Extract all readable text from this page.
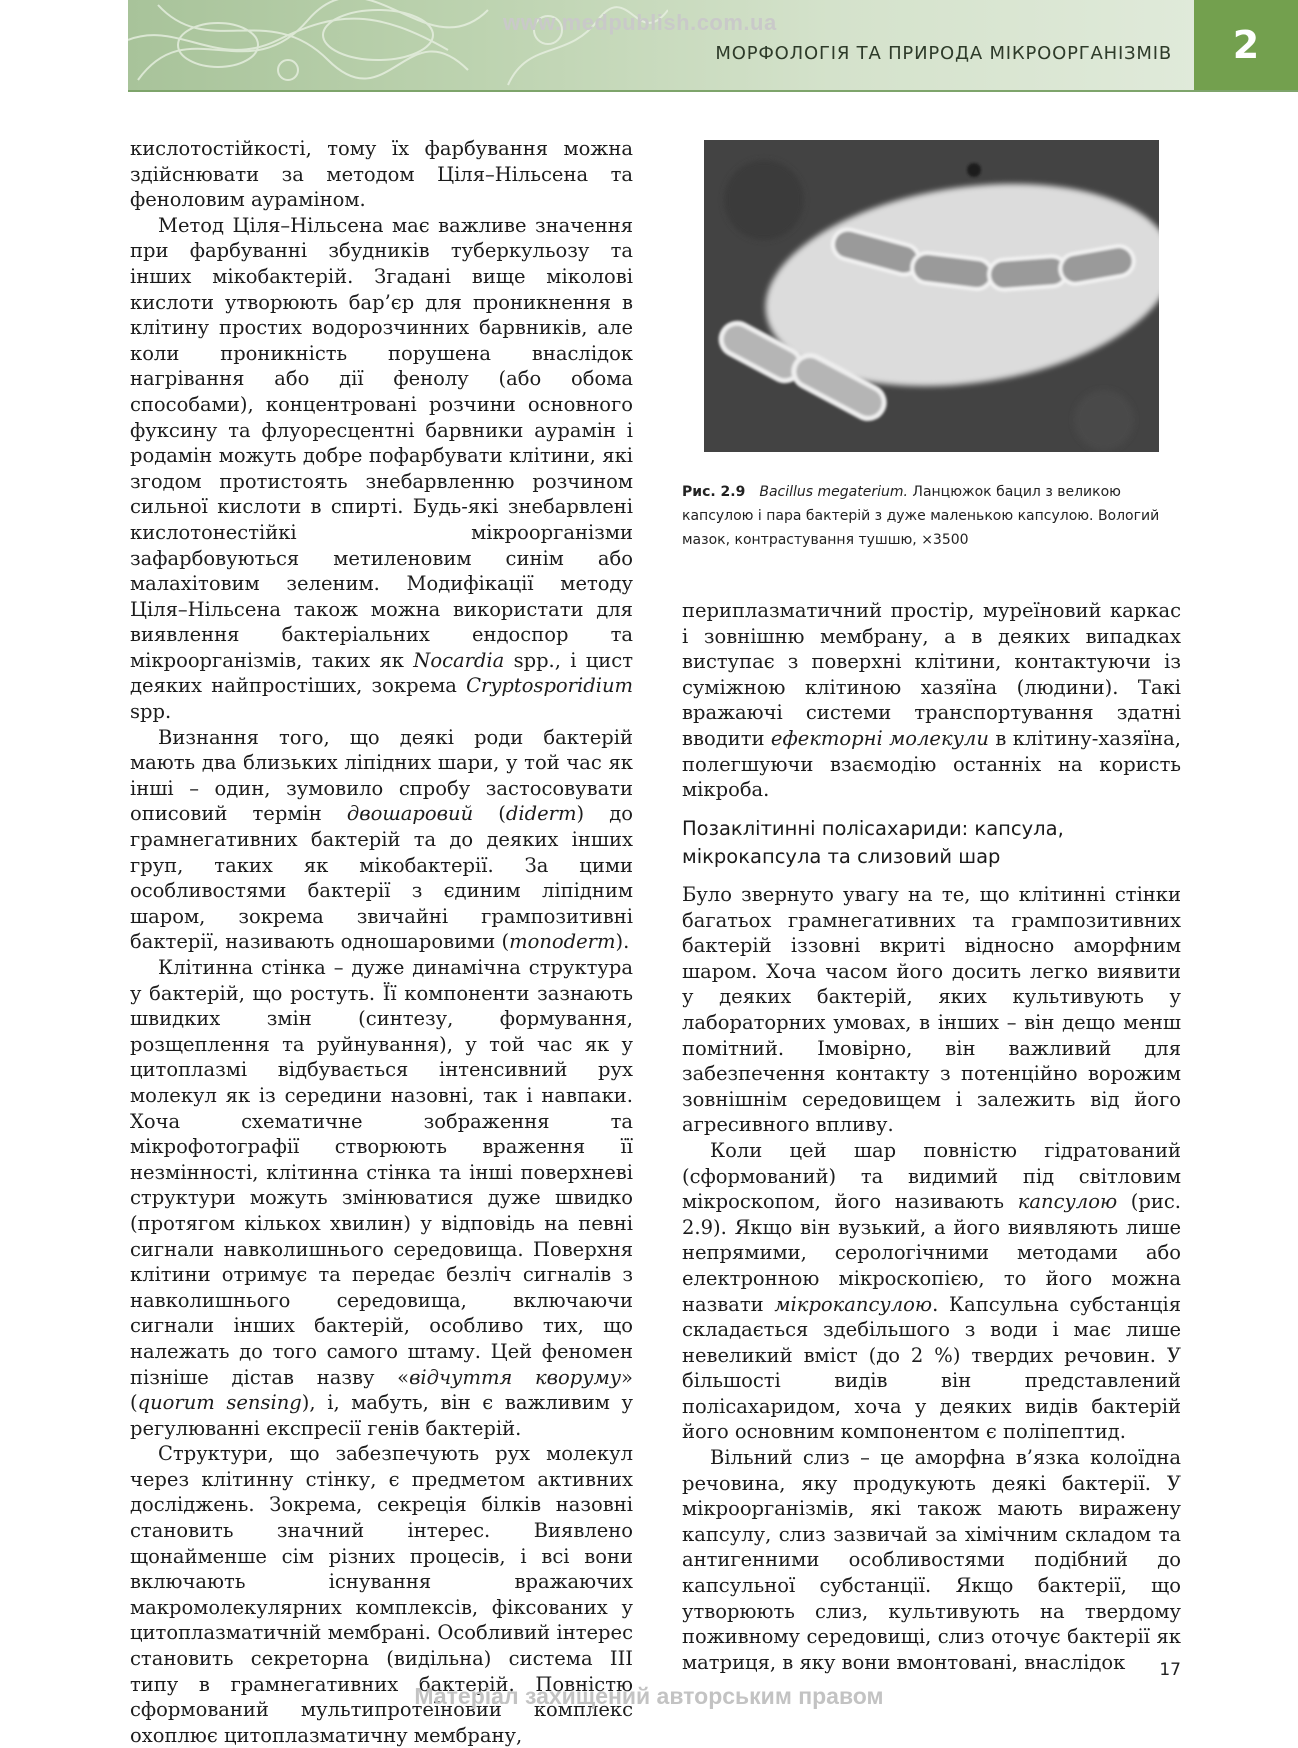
www.medpublish.com.ua
МОРФОЛОГІЯ ТА ПРИРОДА МІКРООРГАНІЗМІВ	2

кислотостійкості, тому їх фарбування можна здійснювати за методом Ціля–Нільсена та феноловим аураміном.

Метод Ціля–Нільсена має важливе значення при фарбуванні збудників туберкульозу та інших мікобактерій. Згадані вище міколові кислоти утворюють бар’єр для проникнення в клітину простих водорозчинних барвників, але коли проникність порушена внаслідок нагрівання або дії фенолу (або обома способами), концентровані розчини основного фуксину та флуоресцентні барвники аурамін і родамін можуть добре пофарбувати клітини, які згодом протистоять знебарвленню розчином сильної кислоти в спирті. Будь-які знебарвлені кислотонестійкі мікроорганізми зафарбовуються метиленовим синім або малахітовим зеленим. Модифікації методу Ціля–Нільсена також можна використати для виявлення бактеріальних ендоспор та мікроорганізмів, таких як Nocardia spp., і цист деяких найпростіших, зокрема Cryptosporidium spp.

Визнання того, що деякі роди бактерій мають два близьких ліпідних шари, у той час як інші – один, зумовило спробу застосовувати описовий термін двошаровий (diderm) до грамнегативних бактерій та до деяких інших груп, таких як мікобактерії. За цими особливостями бактерії з єдиним ліпідним шаром, зокрема звичайні грампозитивні бактерії, називають одношаровими (monoderm).

Клітинна стінка – дуже динамічна структура у бактерій, що ростуть. Її компоненти зазнають швидких змін (синтезу, формування, розщеплення та руйнування), у той час як у цитоплазмі відбувається інтенсивний рух молекул як із середини назовні, так і навпаки. Хоча схематичне зображення та мікрофотографії створюють враження її незмінності, клітинна стінка та інші поверхневі структури можуть змінюватися дуже швидко (протягом кількох хвилин) у відповідь на певні сигнали навколишнього середовища. Поверхня клітини отримує та передає безліч сигналів з навколишнього середовища, включаючи сигнали інших бактерій, особливо тих, що належать до того самого штаму. Цей феномен пізніше дістав назву «відчуття кворуму» (quorum sensing), і, мабуть, він є важливим у регулюванні експресії генів бактерій.

Структури, що забезпечують рух молекул через клітинну стінку, є предметом активних досліджень. Зокрема, секреція білків назовні становить значний інтерес. Виявлено щонайменше сім різних процесів, і всі вони включають існування вражаючих макромолекулярних комплексів, фіксованих у цитоплазматичній мембрані. Особливий інтерес становить секреторна (видільна) система III типу в грамнегативних бактерій. Повністю сформований мультипротеїновий комплекс охоплює цитоплазматичну мембрану,

Рис. 2.9 Bacillus megaterium. Ланцюжок бацил з великою капсулою і пара бактерій з дуже маленькою капсулою. Вологий мазок, контрастування тушшю, ×3500

периплазматичний простір, муреїновий каркас і зовнішню мембрану, а в деяких випадках виступає з поверхні клітини, контактуючи із суміжною клітиною хазяїна (людини). Такі вражаючі системи транспортування здатні вводити ефекторні молекули в клітину-хазяїна, полегшуючи взаємодію останніх на користь мікроба.

Позаклітинні полісахариди: капсула, мікрокапсула та слизовий шар

Було звернуто увагу на те, що клітинні стінки багатьох грамнегативних та грампозитивних бактерій іззовні вкриті відносно аморфним шаром. Хоча часом його досить легко виявити у деяких бактерій, яких культивують у лабораторних умовах, в інших – він дещо менш помітний. Імовірно, він важливий для забезпечення контакту з потенційно ворожим зовнішнім середовищем і залежить від його агресивного впливу.

Коли цей шар повністю гідратований (сформований) та видимий під світловим мікроскопом, його називають капсулою (рис. 2.9). Якщо він вузький, а його виявляють лише непрямими, серологічними методами або електронною мікроскопією, то його можна назвати мікрокапсулою. Капсульна субстанція складається здебільшого з води і має лише невеликий вміст (до 2 %) твердих речовин. У більшості видів він представлений полісахаридом, хоча у деяких видів бактерій його основним компонентом є поліпептид.

Вільний слиз – це аморфна в’язка колоїдна речовина, яку продукують деякі бактерії. У мікроорганізмів, які також мають виражену капсулу, слиз зазвичай за хімічним складом та антигенними особливостями подібний до капсульної субстанції. Якщо бактерії, що утворюють слиз, культивують на твердому поживному середовищі, слиз оточує бактерії як матриця, в яку вони вмонтовані, внаслідок	17
Матеріал захищений авторським правом
